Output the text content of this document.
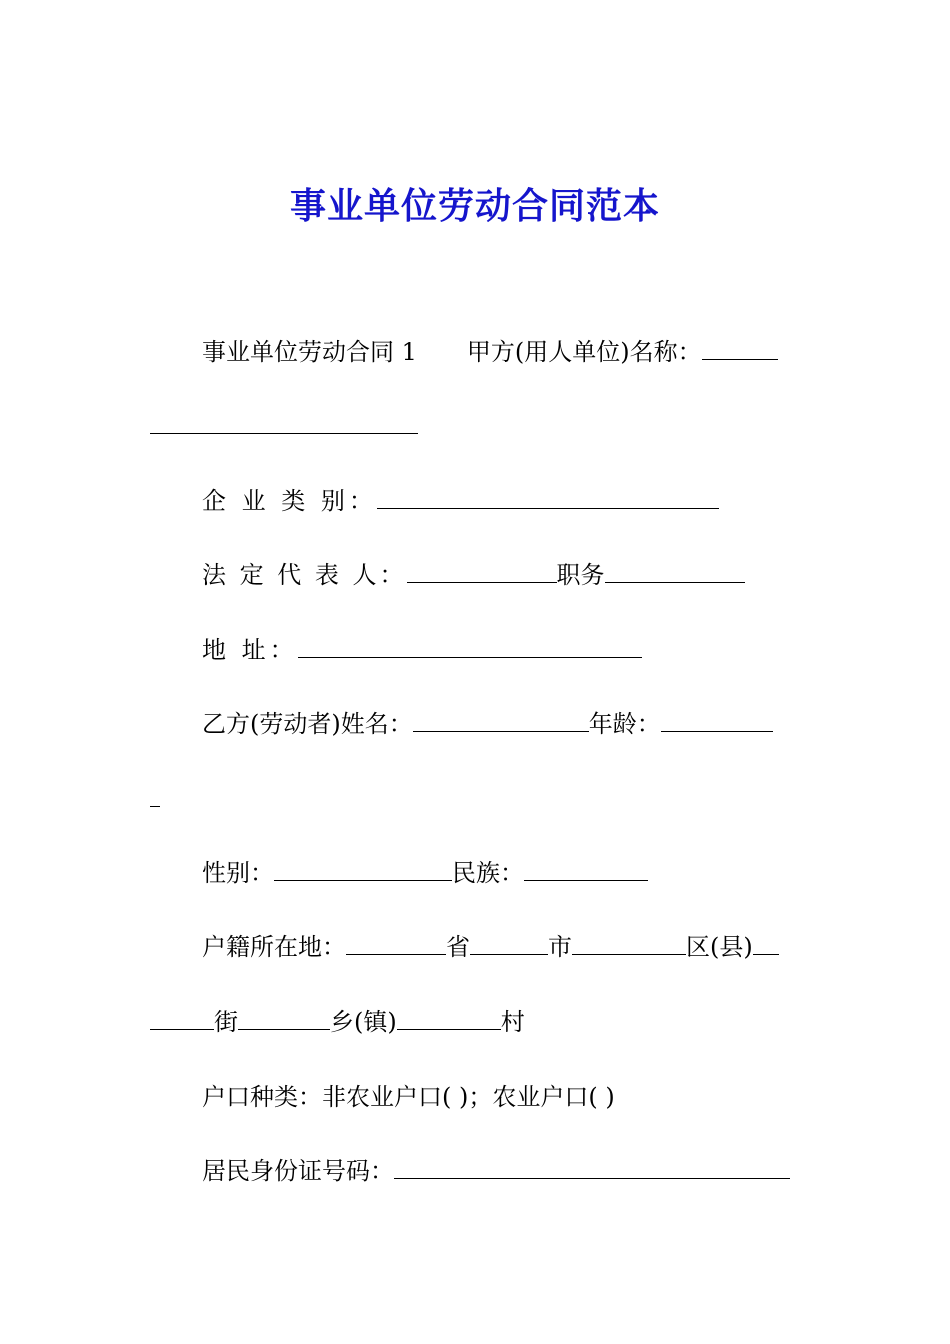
事业单位劳动合同范本
事业单位劳动合同 1 甲方(用人单位)名称：
企 业 类 别：
法 定 代 表 人：	职务
地 址：
乙方(劳动者)姓名：	年龄：
性别：	民族：
户籍所在地：	省	市	区(县)
街	乡(镇)	村
户口种类：非农业户口( )；农业户口( )
居民身份证号码：
